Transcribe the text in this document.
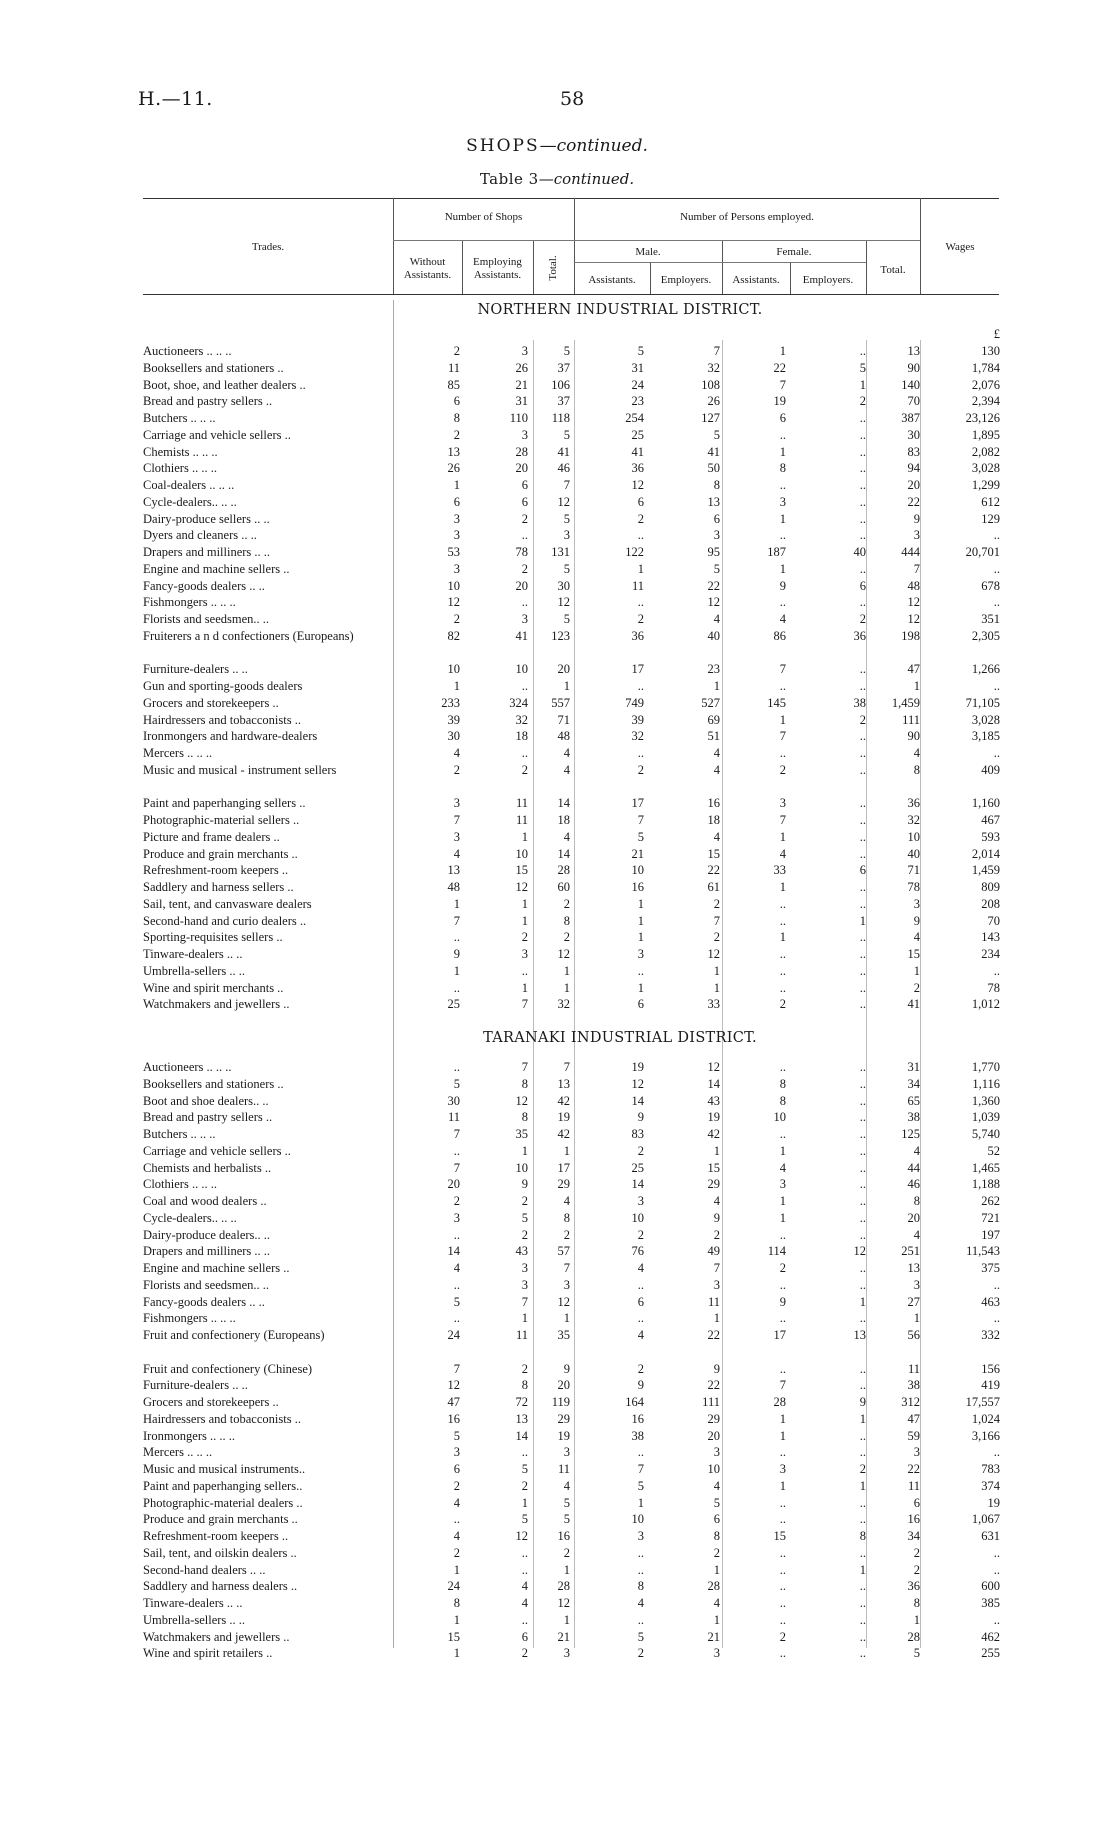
H.—11.	58
SHOPS—continued.
Table 3—continued.
Trades.
Number of Shops
Without
Assistants.
Employing
Assistants.	Total.
Number of Persons employed.
Male.	Female.
Assistants.	Employers.	Assistants.	Employers.
Total.
Wages
NORTHERN INDUSTRIAL DISTRICT.
£
Auctioneers .. .. ..	2	3	5	5	7	1	..	13	130
Booksellers and stationers ..	11	26	37	31	32	22	5	90	1,784
Boot, shoe, and leather dealers ..	85	21	106	24	108	7	1	140	2,076
Bread and pastry sellers ..	6	31	37	23	26	19	2	70	2,394
Butchers .. .. ..	8	110	118	254	127	6	..	387	23,126
Carriage and vehicle sellers ..	2	3	5	25	5	..	..	30	1,895
Chemists .. .. ..	13	28	41	41	41	1	..	83	2,082
Clothiers .. .. ..	26	20	46	36	50	8	..	94	3,028
Coal-dealers .. .. ..	1	6	7	12	8	..	..	20	1,299
Cycle-dealers.. .. ..	6	6	12	6	13	3	..	22	612
Dairy-produce sellers .. ..	3	2	5	2	6	1	..	9	129
Dyers and cleaners .. ..	3	..	3	..	3	..	..	3	..
Drapers and milliners .. ..	53	78	131	122	95	187	40	444	20,701
Engine and machine sellers ..	3	2	5	1	5	1	..	7	..
Fancy-goods dealers .. ..	10	20	30	11	22	9	6	48	678
Fishmongers .. .. ..	12	..	12	..	12	..	..	12	..
Florists and seedsmen.. ..	2	3	5	2	4	4	2	12	351
Fruiterers a n d confectioners (Europeans)	82	41	123	36	40	86	36	198	2,305
Furniture-dealers .. ..	10	10	20	17	23	7	..	47	1,266
Gun and sporting-goods dealers	1	..	1	..	1	..	..	1	..
Grocers and storekeepers ..	233	324	557	749	527	145	38	1,459	71,105
Hairdressers and tobacconists ..	39	32	71	39	69	1	2	111	3,028
Ironmongers and hardware-dealers	30	18	48	32	51	7	..	90	3,185
Mercers .. .. ..	4	..	4	..	4	..	..	4	..
Music and musical - instrument sellers	2	2	4	2	4	2	..	8	409
Paint and paperhanging sellers ..	3	11	14	17	16	3	..	36	1,160
Photographic-material sellers ..	7	11	18	7	18	7	..	32	467
Picture and frame dealers ..	3	1	4	5	4	1	..	10	593
Produce and grain merchants ..	4	10	14	21	15	4	..	40	2,014
Refreshment-room keepers ..	13	15	28	10	22	33	6	71	1,459
Saddlery and harness sellers ..	48	12	60	16	61	1	..	78	809
Sail, tent, and canvasware dealers	1	1	2	1	2	..	..	3	208
Second-hand and curio dealers ..	7	1	8	1	7	..	1	9	70
Sporting-requisites sellers ..	..	2	2	1	2	1	..	4	143
Tinware-dealers .. ..	9	3	12	3	12	..	..	15	234
Umbrella-sellers .. ..	1	..	1	..	1	..	..	1	..
Wine and spirit merchants ..	..	1	1	1	1	..	..	2	78
Watchmakers and jewellers ..	25	7	32	6	33	2	..	41	1,012
TARANAKI INDUSTRIAL DISTRICT.
Auctioneers .. .. ..	..	7	7	19	12	..	..	31	1,770
Booksellers and stationers ..	5	8	13	12	14	8	..	34	1,116
Boot and shoe dealers.. ..	30	12	42	14	43	8	..	65	1,360
Bread and pastry sellers ..	11	8	19	9	19	10	..	38	1,039
Butchers .. .. ..	7	35	42	83	42	..	..	125	5,740
Carriage and vehicle sellers ..	..	1	1	2	1	1	..	4	52
Chemists and herbalists ..	7	10	17	25	15	4	..	44	1,465
Clothiers .. .. ..	20	9	29	14	29	3	..	46	1,188
Coal and wood dealers ..	2	2	4	3	4	1	..	8	262
Cycle-dealers.. .. ..	3	5	8	10	9	1	..	20	721
Dairy-produce dealers.. ..	..	2	2	2	2	..	..	4	197
Drapers and milliners .. ..	14	43	57	76	49	114	12	251	11,543
Engine and machine sellers ..	4	3	7	4	7	2	..	13	375
Florists and seedsmen.. ..	..	3	3	..	3	..	..	3	..
Fancy-goods dealers .. ..	5	7	12	6	11	9	1	27	463
Fishmongers .. .. ..	..	1	1	..	1	..	..	1	..
Fruit and confectionery (Europeans)	24	11	35	4	22	17	13	56	332
Fruit and confectionery (Chinese)	7	2	9	2	9	..	..	11	156
Furniture-dealers .. ..	12	8	20	9	22	7	..	38	419
Grocers and storekeepers ..	47	72	119	164	111	28	9	312	17,557
Hairdressers and tobacconists ..	16	13	29	16	29	1	1	47	1,024
Ironmongers .. .. ..	5	14	19	38	20	1	..	59	3,166
Mercers .. .. ..	3	..	3	..	3	..	..	3	..
Music and musical instruments..	6	5	11	7	10	3	2	22	783
Paint and paperhanging sellers..	2	2	4	5	4	1	1	11	374
Photographic-material dealers ..	4	1	5	1	5	..	..	6	19
Produce and grain merchants ..	..	5	5	10	6	..	..	16	1,067
Refreshment-room keepers ..	4	12	16	3	8	15	8	34	631
Sail, tent, and oilskin dealers ..	2	..	2	..	2	..	..	2	..
Second-hand dealers .. ..	1	..	1	..	1	..	1	2	..
Saddlery and harness dealers ..	24	4	28	8	28	..	..	36	600
Tinware-dealers .. ..	8	4	12	4	4	..	..	8	385
Umbrella-sellers .. ..	1	..	1	..	1	..	..	1	..
Watchmakers and jewellers ..	15	6	21	5	21	2	..	28	462
Wine and spirit retailers ..	1	2	3	2	3	..	..	5	255
